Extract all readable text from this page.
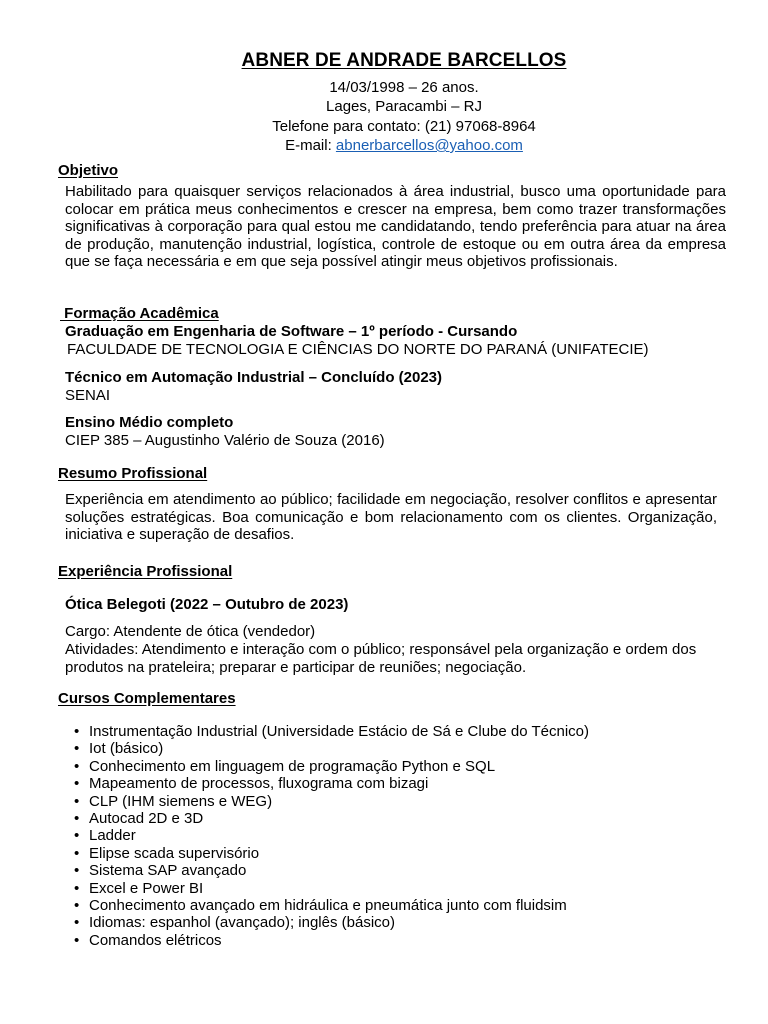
ABNER DE ANDRADE BARCELLOS
14/03/1998 – 26 anos.
Lages, Paracambi – RJ
Telefone para contato: (21) 97068-8964
E-mail: abnerbarcellos@yahoo.com
Objetivo
Habilitado para quaisquer serviços relacionados à área industrial, busco uma oportunidade para colocar em prática meus conhecimentos e crescer na empresa, bem como trazer transformações significativas à corporação para qual estou me candidatando, tendo preferência para atuar na área de produção, manutenção industrial, logística, controle de estoque ou em outra área da empresa que se faça necessária e em que seja possível atingir meus objetivos profissionais.
Formação Acadêmica
Graduação em Engenharia de Software – 1º período - Cursando
FACULDADE DE TECNOLOGIA E CIÊNCIAS DO NORTE DO PARANÁ (UNIFATECIE)
Técnico em Automação Industrial – Concluído (2023)
SENAI
Ensino Médio completo
CIEP 385 – Augustinho Valério de Souza (2016)
Resumo Profissional
Experiência em atendimento ao público; facilidade em negociação, resolver conflitos e apresentar soluções estratégicas. Boa comunicação e bom relacionamento com os clientes. Organização, iniciativa e superação de desafios.
Experiência Profissional
Ótica Belegoti (2022 – Outubro de 2023)
Cargo: Atendente de ótica (vendedor)
Atividades: Atendimento e interação com o público; responsável pela organização e ordem dos produtos na prateleira; preparar e participar de reuniões; negociação.
Cursos Complementares
• Instrumentação Industrial (Universidade Estácio de Sá e Clube do Técnico)
• Iot (básico)
• Conhecimento em linguagem de programação Python e SQL
• Mapeamento de processos, fluxograma com bizagi
• CLP (IHM siemens e WEG)
• Autocad 2D e 3D
• Ladder
• Elipse scada supervisório
• Sistema SAP avançado
• Excel e Power BI
• Conhecimento avançado em hidráulica e pneumática junto com fluidsim
• Idiomas: espanhol (avançado); inglês (básico)
• Comandos elétricos
